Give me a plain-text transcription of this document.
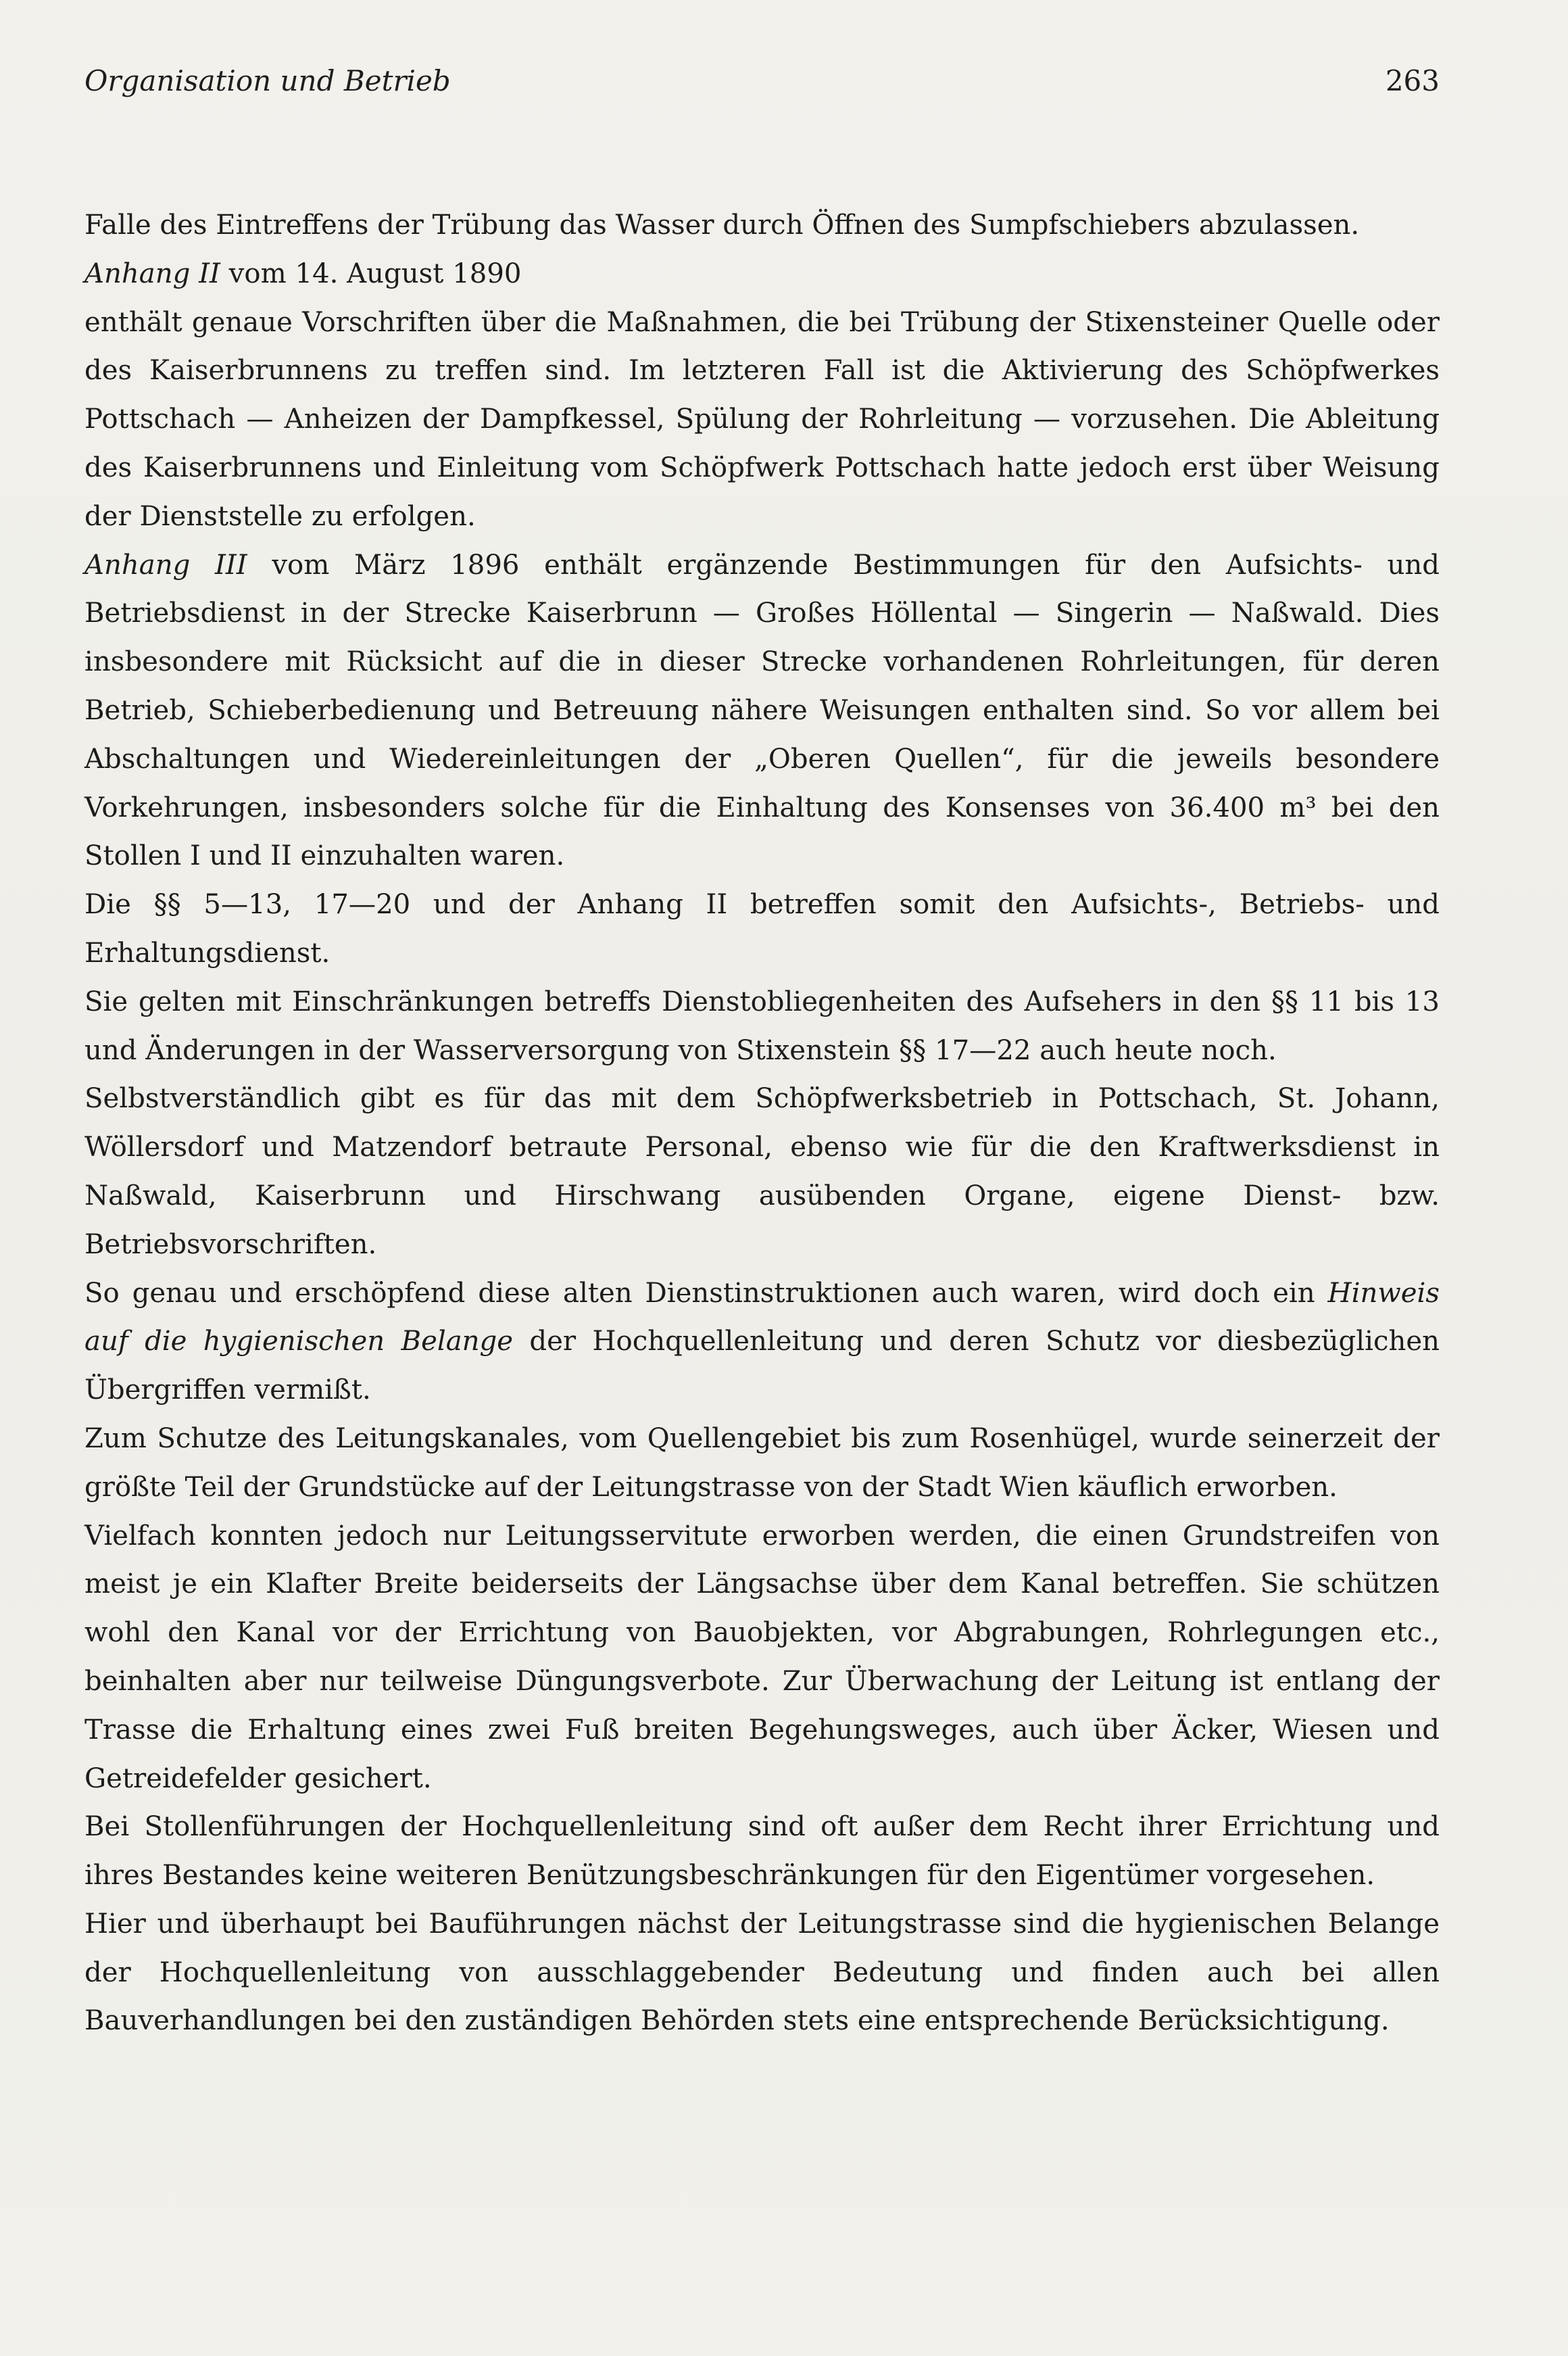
Organisation und Betrieb	263

Falle des Eintreffens der Trübung das Wasser durch Öffnen des Sumpfschiebers abzulassen.

Anhang II vom 14. August 1890

enthält genaue Vorschriften über die Maßnahmen, die bei Trübung der Stixensteiner Quelle oder des Kaiserbrunnens zu treffen sind. Im letzteren Fall ist die Aktivierung des Schöpfwerkes Pottschach — Anheizen der Dampfkessel, Spülung der Rohrleitung — vorzusehen. Die Ableitung des Kaiserbrunnens und Einleitung vom Schöpfwerk Pottschach hatte jedoch erst über Weisung der Dienststelle zu erfolgen.

Anhang III vom März 1896 enthält ergänzende Bestimmungen für den Aufsichts- und Betriebsdienst in der Strecke Kaiserbrunn — Großes Höllental — Singerin — Naßwald. Dies insbesondere mit Rücksicht auf die in dieser Strecke vorhandenen Rohrleitungen, für deren Betrieb, Schieberbedienung und Betreuung nähere Weisungen enthalten sind. So vor allem bei Abschaltungen und Wiedereinleitungen der „Oberen Quellen“, für die jeweils besondere Vorkehrungen, insbesonders solche für die Einhaltung des Konsenses von 36.400 m³ bei den Stollen I und II einzuhalten waren.

Die §§ 5—13, 17—20 und der Anhang II betreffen somit den Aufsichts-, Betriebs- und Erhaltungsdienst.

Sie gelten mit Einschränkungen betreffs Dienstobliegenheiten des Aufsehers in den §§ 11 bis 13 und Änderungen in der Wasserversorgung von Stixenstein §§ 17—22 auch heute noch.

Selbstverständlich gibt es für das mit dem Schöpfwerksbetrieb in Pottschach, St. Johann, Wöllersdorf und Matzendorf betraute Personal, ebenso wie für die den Kraftwerksdienst in Naßwald, Kaiserbrunn und Hirschwang ausübenden Organe, eigene Dienst- bzw. Betriebsvorschriften.

So genau und erschöpfend diese alten Dienstinstruktionen auch waren, wird doch ein Hinweis auf die hygienischen Belange der Hochquellenleitung und deren Schutz vor diesbezüglichen Übergriffen vermißt.

Zum Schutze des Leitungskanales, vom Quellengebiet bis zum Rosenhügel, wurde seinerzeit der größte Teil der Grundstücke auf der Leitungstrasse von der Stadt Wien käuflich erworben.

Vielfach konnten jedoch nur Leitungsservitute erworben werden, die einen Grundstreifen von meist je ein Klafter Breite beiderseits der Längsachse über dem Kanal betreffen. Sie schützen wohl den Kanal vor der Errichtung von Bauobjekten, vor Abgrabungen, Rohrlegungen etc., beinhalten aber nur teilweise Düngungsverbote. Zur Überwachung der Leitung ist entlang der Trasse die Erhaltung eines zwei Fuß breiten Begehungsweges, auch über Äcker, Wiesen und Getreidefelder gesichert.

Bei Stollenführungen der Hochquellenleitung sind oft außer dem Recht ihrer Errichtung und ihres Bestandes keine weiteren Benützungsbeschränkungen für den Eigentümer vorgesehen.

Hier und überhaupt bei Bauführungen nächst der Leitungstrasse sind die hygienischen Belange der Hochquellenleitung von ausschlaggebender Bedeutung und finden auch bei allen Bauverhandlungen bei den zuständigen Behörden stets eine entsprechende Berücksichtigung.
